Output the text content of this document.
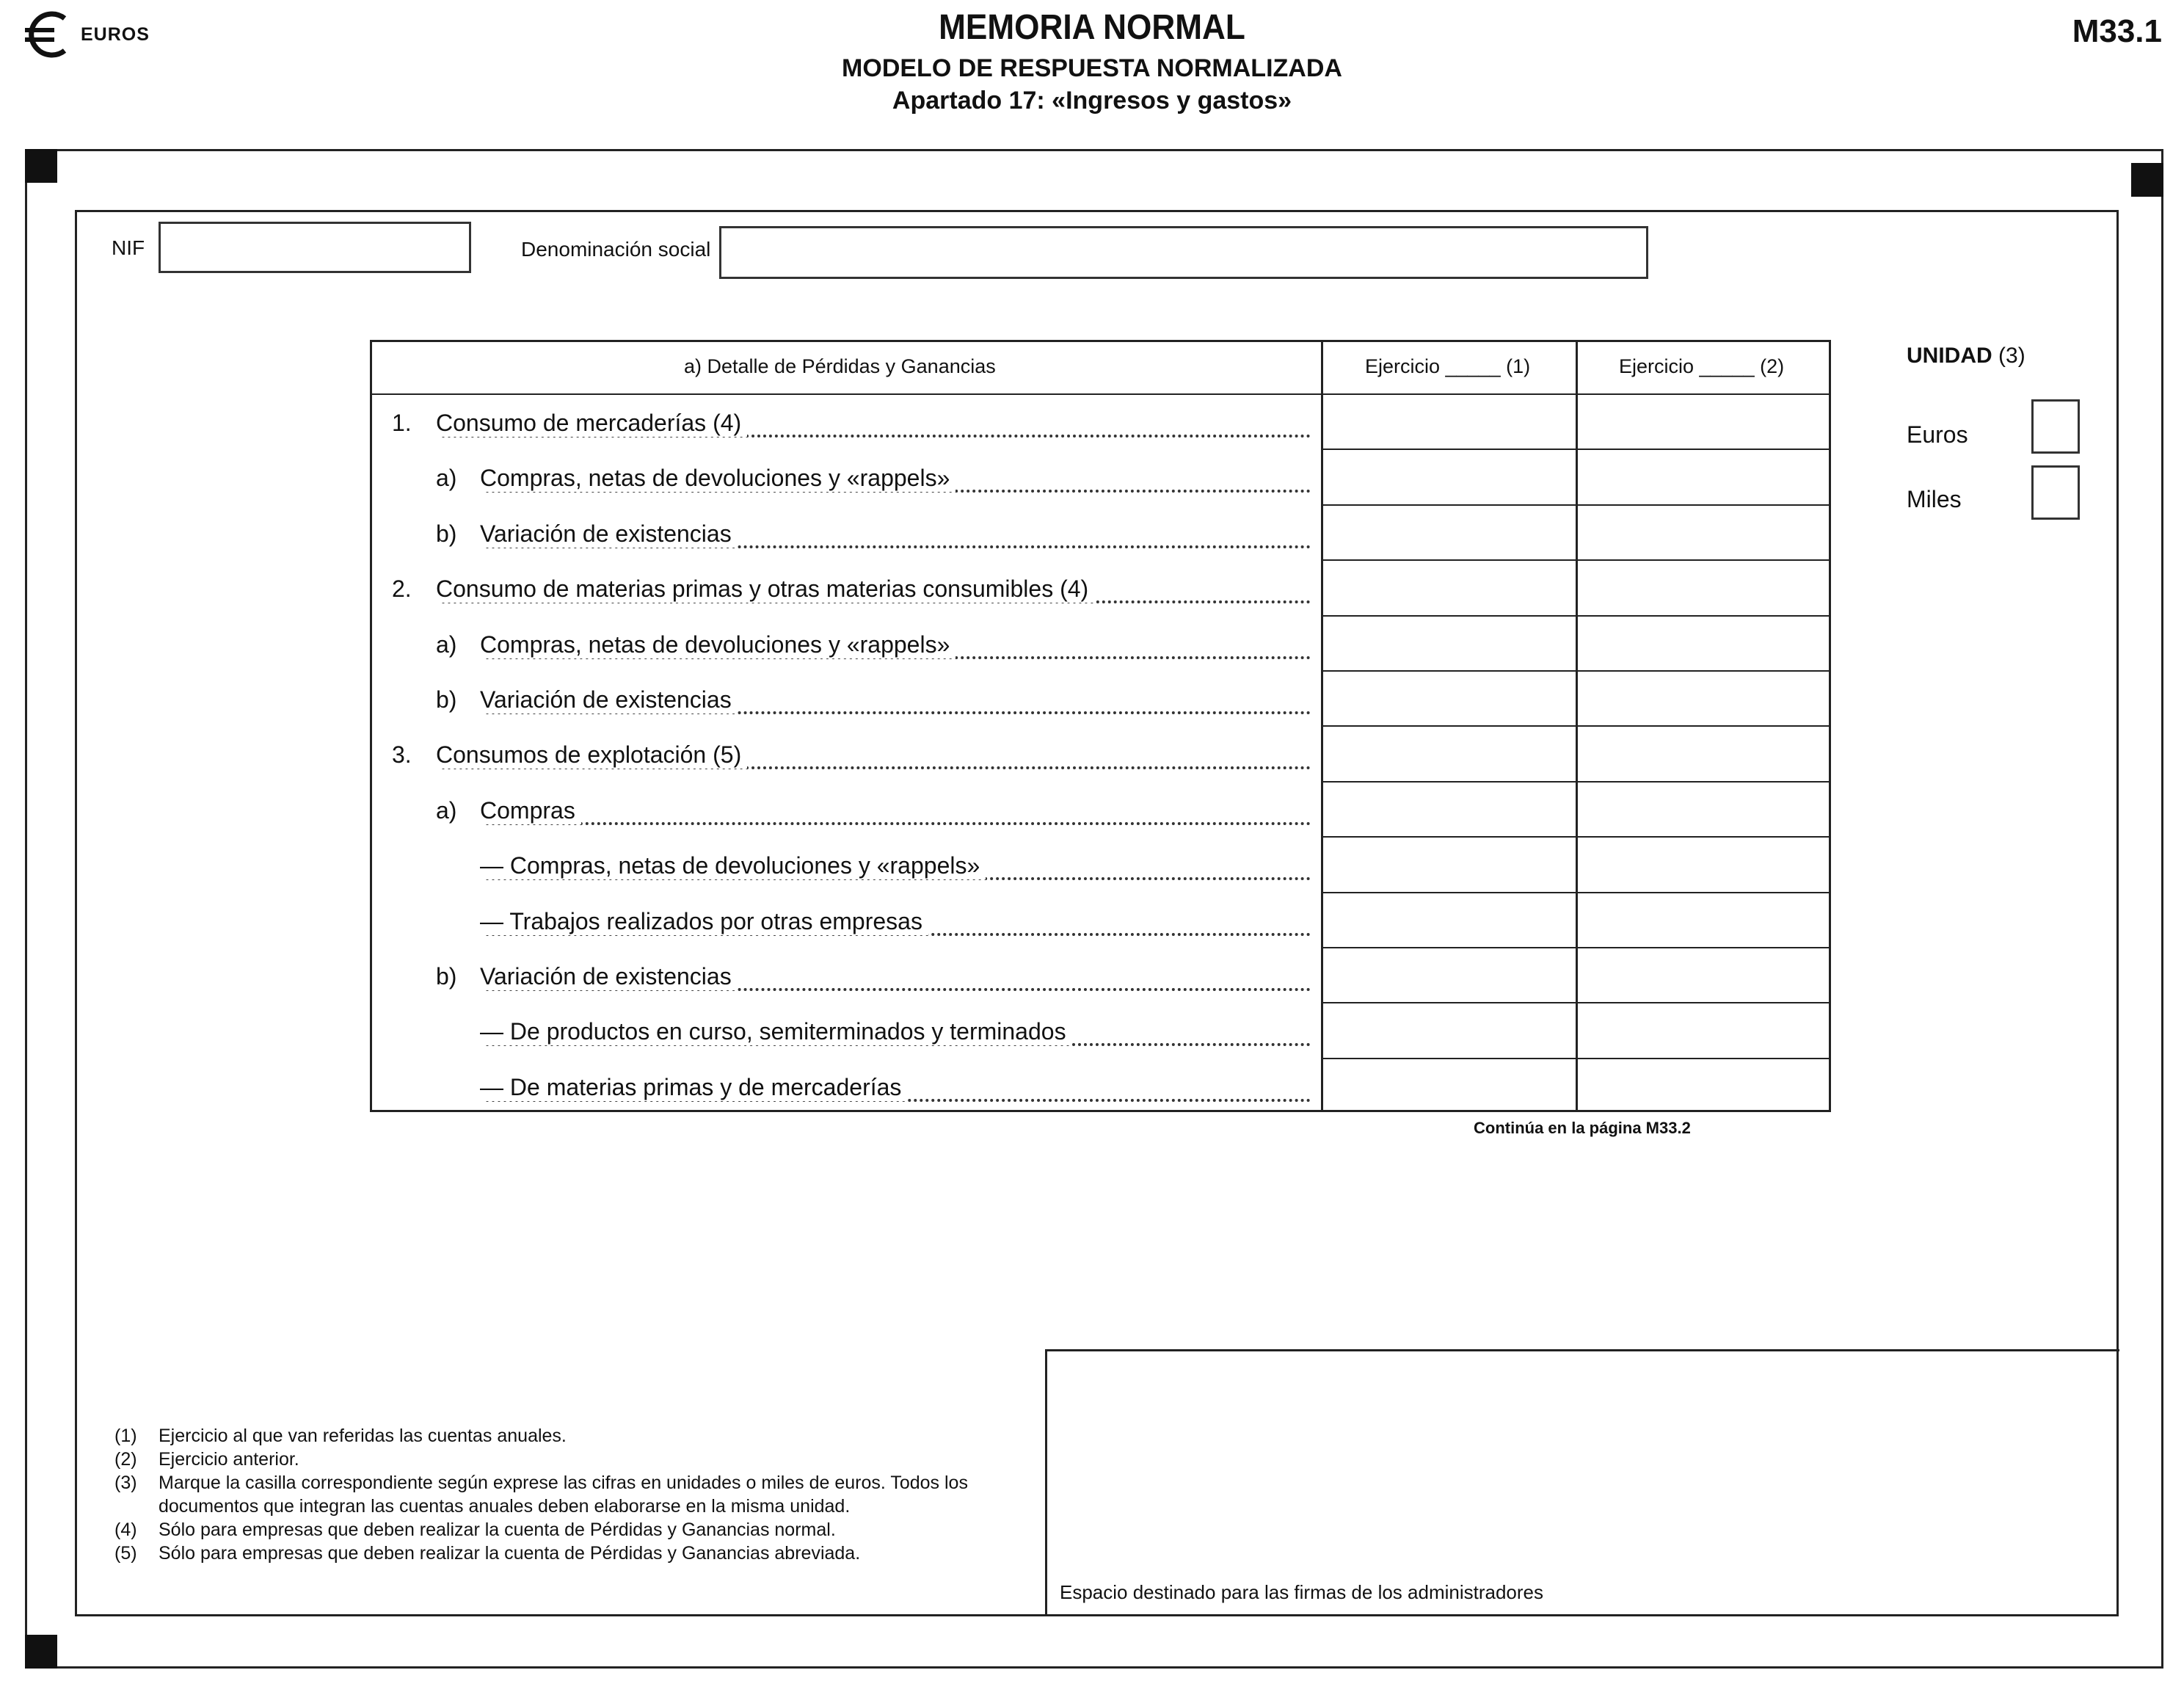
EUROS	MEMORIA NORMAL
MODELO DE RESPUESTA NORMALIZADA
Apartado 17: «Ingresos y gastos»
M33.1
NIF	Denominación social
a) Detalle de Pérdidas y Ganancias	Ejercicio _____ (1)	Ejercicio _____ (2)
1. Consumo de mercaderías (4)
a) Compras, netas de devoluciones y «rappels»
b) Variación de existencias
2. Consumo de materias primas y otras materias consumibles (4)
a) Compras, netas de devoluciones y «rappels»
b) Variación de existencias
3. Consumos de explotación (5)
a) Compras
— Compras, netas de devoluciones y «rappels»
— Trabajos realizados por otras empresas
b) Variación de existencias
— De productos en curso, semiterminados y terminados
— De materias primas y de mercaderías
Continúa en la página M33.2
UNIDAD (3)
Euros
Miles
(1)	Ejercicio al que van referidas las cuentas anuales.
(2)	Ejercicio anterior.
(3)	Marque la casilla correspondiente según exprese las cifras en unidades o miles de euros. Todos los documentos que integran las cuentas anuales deben elaborarse en la misma unidad.
(4)	Sólo para empresas que deben realizar la cuenta de Pérdidas y Ganancias normal.
(5)	Sólo para empresas que deben realizar la cuenta de Pérdidas y Ganancias abreviada.
Espacio destinado para las firmas de los administradores
